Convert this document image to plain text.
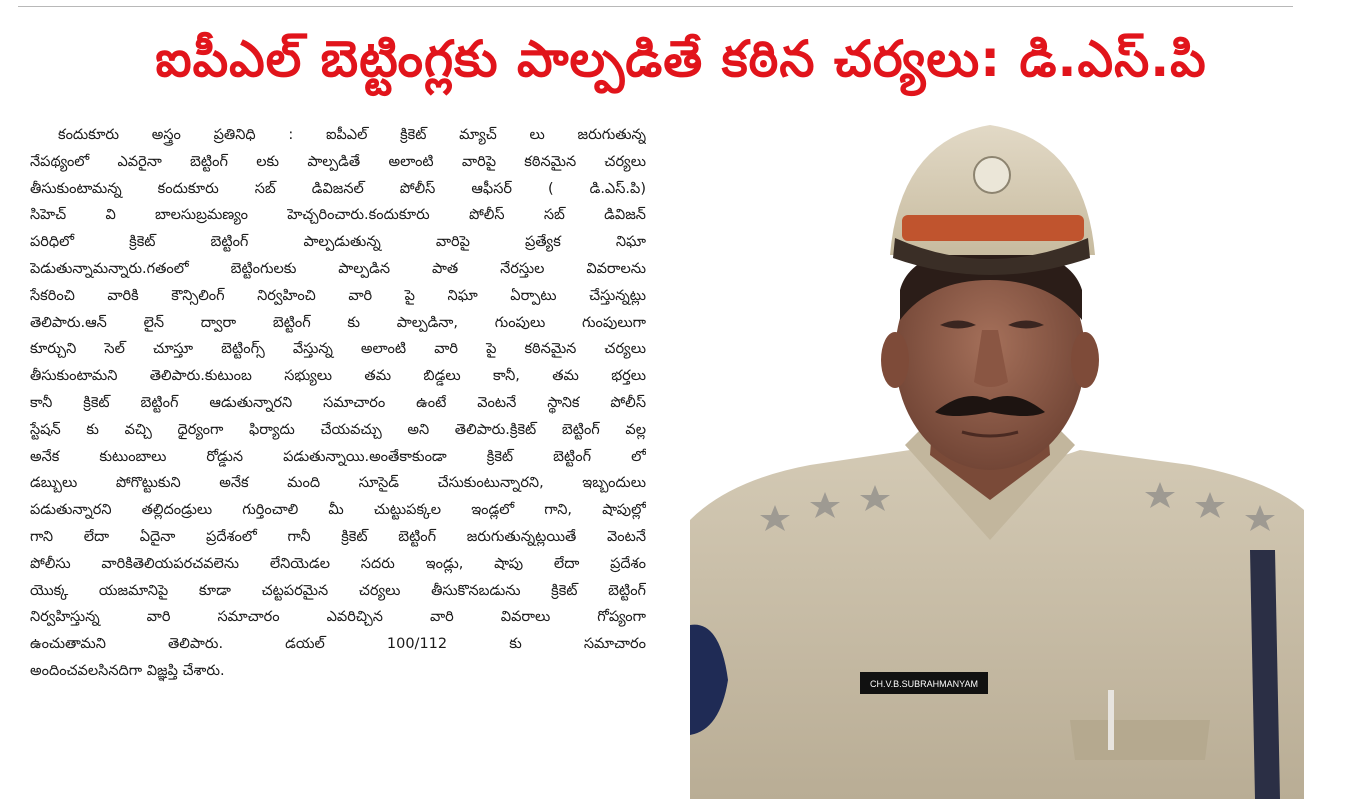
ఐపీఎల్ బెట్టింగ్లకు పాల్పడితే కఠిన చర్యలు: డి.ఎస్.పి
కందుకూరు అస్త్రం ప్రతినిధి : ఐపీఎల్ క్రికెట్ మ్యాచ్ లు జరుగుతున్న
నేపథ్యంలో ఎవరైనా బెట్టింగ్ లకు పాల్పడితే అలాంటి వారిపై కఠినమైన చర్యలు
తీసుకుంటామన్న కందుకూరు సబ్ డివిజనల్ పోలీస్ ఆఫీసర్ ( డి.ఎస్.పి)
సిహెచ్ వి బాలసుబ్రమణ్యం హెచ్చరించారు.కందుకూరు పోలీస్ సబ్ డివిజన్
పరిధిలో క్రికెట్ బెట్టింగ్ పాల్పడుతున్న వారిపై ప్రత్యేక నిఘా
పెడుతున్నామన్నారు.గతంలో బెట్టింగులకు పాల్పడిన పాత నేరస్తుల వివరాలను
సేకరించి వారికి కౌన్సిలింగ్ నిర్వహించి వారి పై నిఘా ఏర్పాటు చేస్తున్నట్లు
తెలిపారు.ఆన్ లైన్ ద్వారా బెట్టింగ్ కు పాల్పడినా, గుంపులు గుంపులుగా
కూర్చుని సెల్ చూస్తూ బెట్టింగ్స్ వేస్తున్న అలాంటి వారి పై కఠినమైన చర్యలు
తీసుకుంటామని తెలిపారు.కుటుంబ సభ్యులు తమ బిడ్డలు కానీ, తమ భర్తలు
కానీ క్రికెట్ బెట్టింగ్ ఆడుతున్నారని సమాచారం ఉంటే వెంటనే స్థానిక పోలీస్
స్టేషన్ కు వచ్చి ధైర్యంగా ఫిర్యాదు చేయవచ్చు అని తెలిపారు.క్రికెట్ బెట్టింగ్ వల్ల
అనేక కుటుంబాలు రోడ్డున పడుతున్నాయి.అంతేకాకుండా క్రికెట్ బెట్టింగ్ లో
డబ్బులు పోగొట్టుకుని అనేక మంది సూసైడ్ చేసుకుంటున్నారని, ఇబ్బందులు
పడుతున్నారని తల్లిదండ్రులు గుర్తించాలి మీ చుట్టుపక్కల ఇండ్లలో గాని, షాపుల్లో
గాని లేదా ఏదైనా ప్రదేశంలో గానీ క్రికెట్ బెట్టింగ్ జరుగుతున్నట్లయితే వెంటనే
పోలీసు వారికితెలియపరచవలెను లేనియెడల సదరు ఇండ్లు, షాపు లేదా ప్రదేశం
యొక్క యజమానిపై కూడా చట్టపరమైన చర్యలు తీసుకొనబడును క్రికెట్ బెట్టింగ్
నిర్వహిస్తున్న వారి సమాచారం ఎవరిచ్చిన వారి వివరాలు గోప్యంగా
ఉంచుతామని తెలిపారు. డయల్ 100/112 కు సమాచారం
అందించవలసినదిగా విజ్ఞప్తి చేశారు.
CH.V.B.SUBRAHMANYAM
